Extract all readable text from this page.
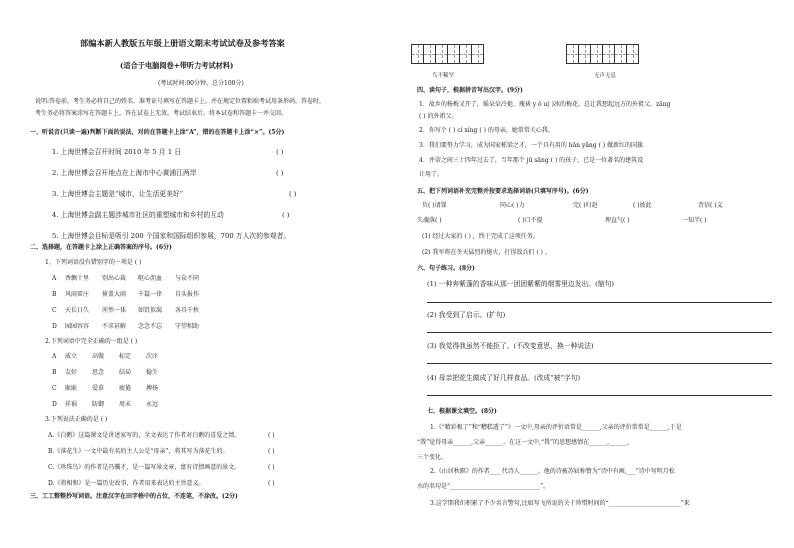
部编本新人教版五年级上册语文期末考试试卷及参考答案
(适合于电脑阅卷+带听力考试材料)
(考试时间:90分钟，总分100分)
说明:答卷前，考生务必将自己的姓名、准考证号填写在答题卡上，并在规定位置粘贴考试用条形码。答卷时，
考生务必将答案涂写在答题卡上，答在试卷上无效。考试结束后，将本试卷和答题卡一并交回。
一、听说音(只读一遍)判断下面的说法，对的在答题卡上涂“A”，错的在答题卡上涂“×”。(5分)
1. 上海世博会召开时间 2010 年 5 月 1 日	( )
2. 上海世博会召开地点在上海市中心黄浦江两岸	( )
3. 上海世博会主题是“城市，让生活更美好”	( )
4. 上海世博会副主题涉城市社区的重塑城市和乡村的互动	( )
5. 上海世博会目标是吸引 200 个国家和国际组织参展，700 万人次的参观者。
二、选择题，在答题卡上涂上正确答案的序号。(6分)
1、下列词语没有错别字的一项是 ( )
A 香飘十里 别出心裁 呕心沥血 与众不同
B 风雨雷庄 倚盖大雨 千篇一律 自头报作
C 天长日久 浑然一体 如饥似渴 各具千秋
D 园园容容 不求甚解 念念不忘 守望相助
2.下列词语中完全正确的一组是 ( )
A 威立 高傲 标定 次序
B 友好 思念 结局 稳生
C 耿耿 爱慕 疲倦 搏扬
D 祥祸 防御 周末 永远
3.下列说法正确的是 ( )
A.《白鹅》这篇课文是讲述家写的，全文表达了作者对白鹅的喜爱之情。	( )
B.《落花生》一文中最有名的主人公是“母亲”，将其写为落花生的。	( )
C.《珍珠鸟》的作者是冯骥才，是一篇写景文章，富有诗情画意的景文。	( )
D.《将相和》是一篇历史故事，作者用来表达的主旨意义。	( )
三、工工整整抄写词语。注意汉字在田字格中的占位，不连笔，不涂改。(2分)
鸟不稀罕	无声无息
四、读句子，根据拼音写出汉字。(9分)
1．故乡的杨梅又开了，摇朵朵冷艳、瑰祓 y ǒ u( )冰的梅花，总让我想起远方的外祖父。zāng
( ) 的外祖父。
2．你写个 ( ) cí xíng ( ) 的母亲，她常常关心我。
3．我们要努力学习，成为国家栋梁之才，一个具有用的 hān yǎng ( ) 做新红的国旗
4．并蒂之间三十四年过去了，当年那个 jū sāng ( ) 的孩子，已是一位著名的建筑设
计用了。
五、把下列词语补充完整并按要求选择词语(只填写序号)。(6分)
负( )请罪	同心( )力	完( )归赵	( )彼此	背信( )义
失魂落( )	( )口不提	理直气( )	一知半( )
(1) 经过大家的 ( ) ，终于完成了这项任务。
(2) 我军将在冬天猛烈的炮火，打得敌兵们 ( ) 。
六、句子练习。(8分)
(1) 一种奔紫蓬的香味从那一团团紫紫的烟雾里边发出。(缩句)
(2) 我受到了启示。(扩句)
(3) 我觉得我虽然不能拒了。(不改变意思，换一种说法)
(4) 母亲把花生做成了好几样食品。(改成“被”字句)
七、根据课文填空。(8分)
1.《“精彩极了”和“糟糕透了”》一文中,母亲的评价语常是______,父亲的评价常常是______,于是
“我”觉得母亲______,父亲______。在这一文中,“我”的思想感情在______,______,
三个变化。
2.《山居秋暝》的作者____代诗人______。他的诗被苏轼称赞为“诗中有画,___”诗中写明月松
水的名句是“______________________________”。
3.这学期我们积累了不少名言警句,比如写飞所说的关于珍惜时间的“________________________”来
